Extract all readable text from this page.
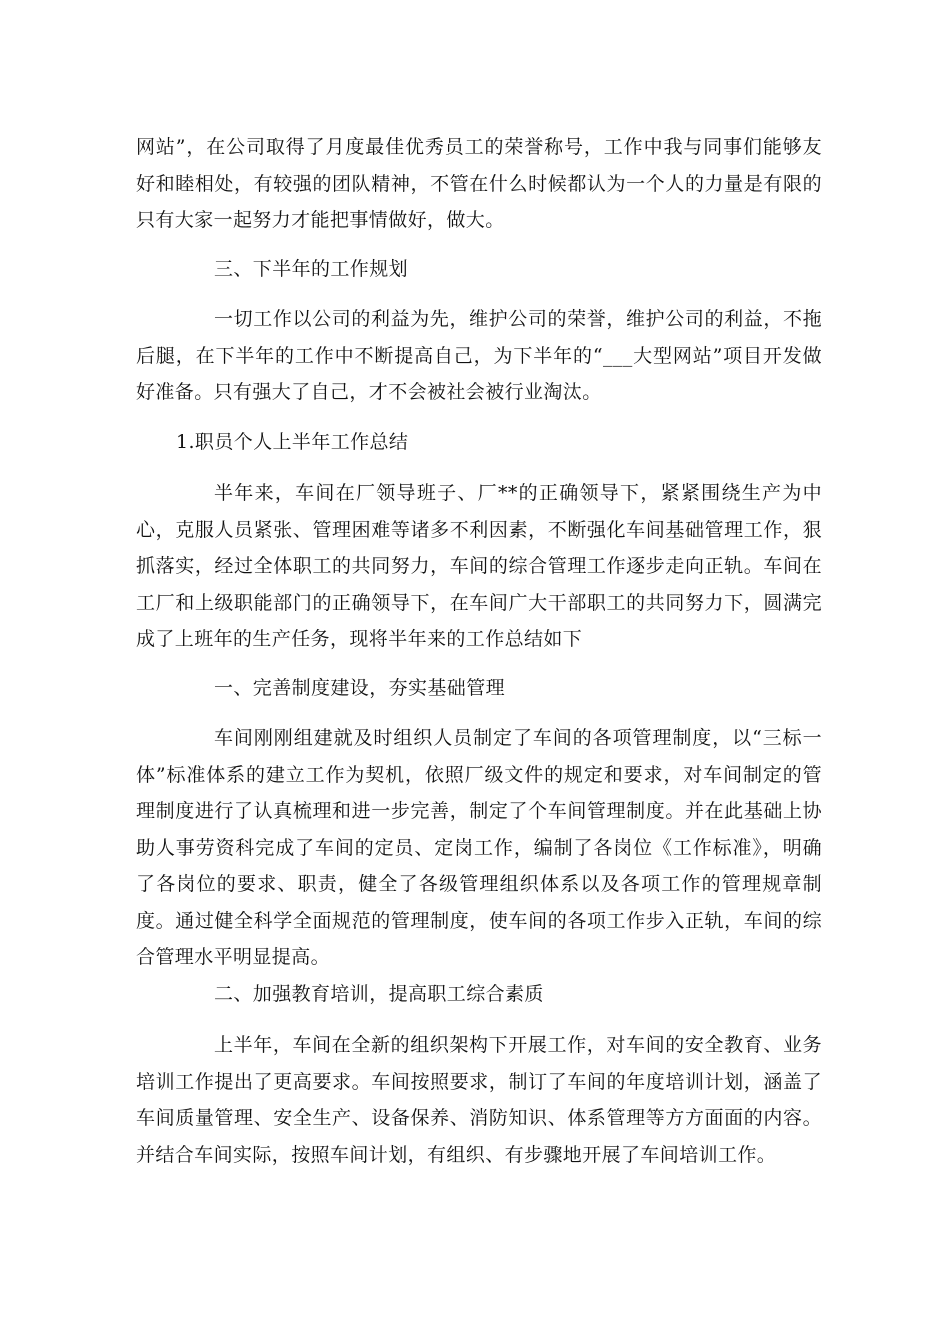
网站”，在公司取得了月度最佳优秀员工的荣誉称号，工作中我与同事们能够友好和睦相处，有较强的团队精神，不管在什么时候都认为一个人的力量是有限的只有大家一起努力才能把事情做好，做大。

三、下半年的工作规划

一切工作以公司的利益为先，维护公司的荣誉，维护公司的利益，不拖后腿，在下半年的工作中不断提高自己，为下半年的“___大型网站”项目开发做好准备。只有强大了自己，才不会被社会被行业淘汰。

1.职员个人上半年工作总结

半年来，车间在厂领导班子、厂**的正确领导下，紧紧围绕生产为中心，克服人员紧张、管理困难等诸多不利因素，不断强化车间基础管理工作，狠抓落实，经过全体职工的共同努力，车间的综合管理工作逐步走向正轨。车间在工厂和上级职能部门的正确领导下，在车间广大干部职工的共同努力下，圆满完成了上班年的生产任务，现将半年来的工作总结如下

一、完善制度建设，夯实基础管理

车间刚刚组建就及时组织人员制定了车间的各项管理制度，以“三标一体”标准体系的建立工作为契机，依照厂级文件的规定和要求，对车间制定的管理制度进行了认真梳理和进一步完善，制定了个车间管理制度。并在此基础上协助人事劳资科完成了车间的定员、定岗工作，编制了各岗位《工作标准》，明确了各岗位的要求、职责，健全了各级管理组织体系以及各项工作的管理规章制度。通过健全科学全面规范的管理制度，使车间的各项工作步入正轨，车间的综合管理水平明显提高。

二、加强教育培训，提高职工综合素质

上半年，车间在全新的组织架构下开展工作，对车间的安全教育、业务培训工作提出了更高要求。车间按照要求，制订了车间的年度培训计划，涵盖了车间质量管理、安全生产、设备保养、消防知识、体系管理等方方面面的内容。并结合车间实际，按照车间计划，有组织、有步骤地开展了车间培训工作。
